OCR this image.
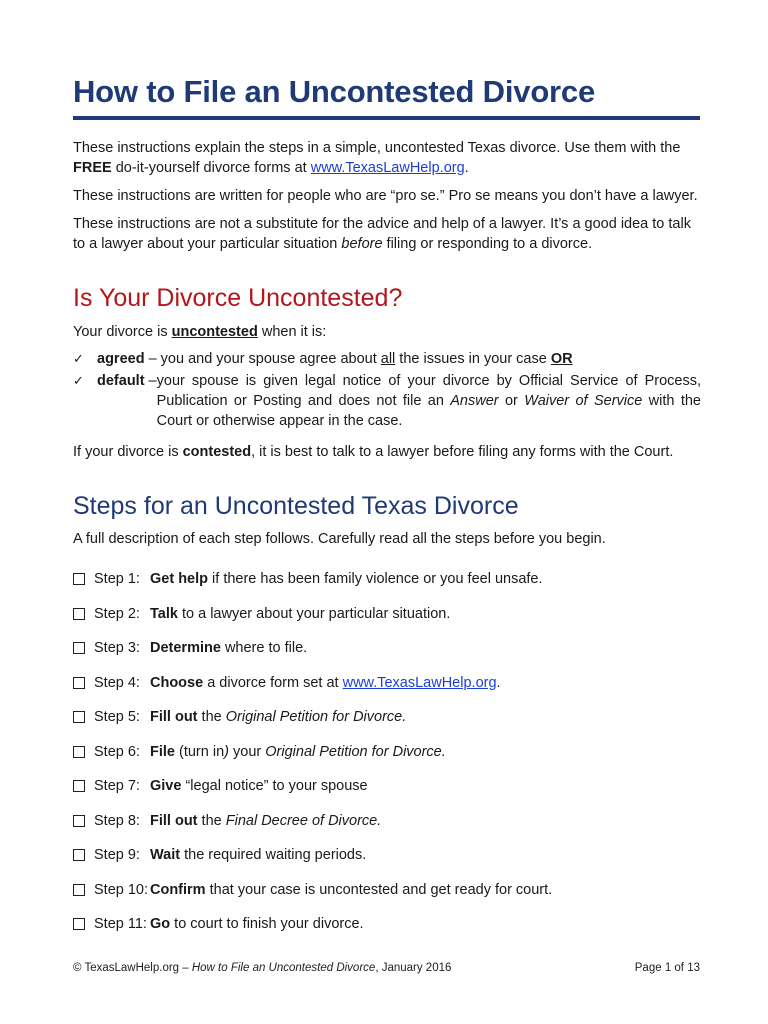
How to File an Uncontested Divorce

These instructions explain the steps in a simple, uncontested Texas divorce. Use them with the FREE do-it-yourself divorce forms at www.TexasLawHelp.org.

These instructions are written for people who are “pro se.” Pro se means you don’t have a lawyer.

These instructions are not a substitute for the advice and help of a lawyer. It’s a good idea to talk to a lawyer about your particular situation before filing or responding to a divorce.

Is Your Divorce Uncontested?

Your divorce is uncontested when it is:

✓ agreed – you and your spouse agree about all the issues in your case OR
✓ default – your spouse is given legal notice of your divorce by Official Service of Process, Publication or Posting and does not file an Answer or Waiver of Service with the Court or otherwise appear in the case.

If your divorce is contested, it is best to talk to a lawyer before filing any forms with the Court.

Steps for an Uncontested Texas Divorce
A full description of each step follows. Carefully read all the steps before you begin.
Step 1: Get help if there has been family violence or you feel unsafe.
Step 2: Talk to a lawyer about your particular situation.
Step 3: Determine where to file.
Step 4: Choose a divorce form set at www.TexasLawHelp.org.
Step 5: Fill out the Original Petition for Divorce.
Step 6: File (turn in) your Original Petition for Divorce.
Step 7: Give “legal notice” to your spouse
Step 8: Fill out the Final Decree of Divorce.
Step 9: Wait the required waiting periods.
Step 10: Confirm that your case is uncontested and get ready for court.
Step 11: Go to court to finish your divorce.
© TexasLawHelp.org – How to File an Uncontested Divorce, January 2016	Page 1 of 13
